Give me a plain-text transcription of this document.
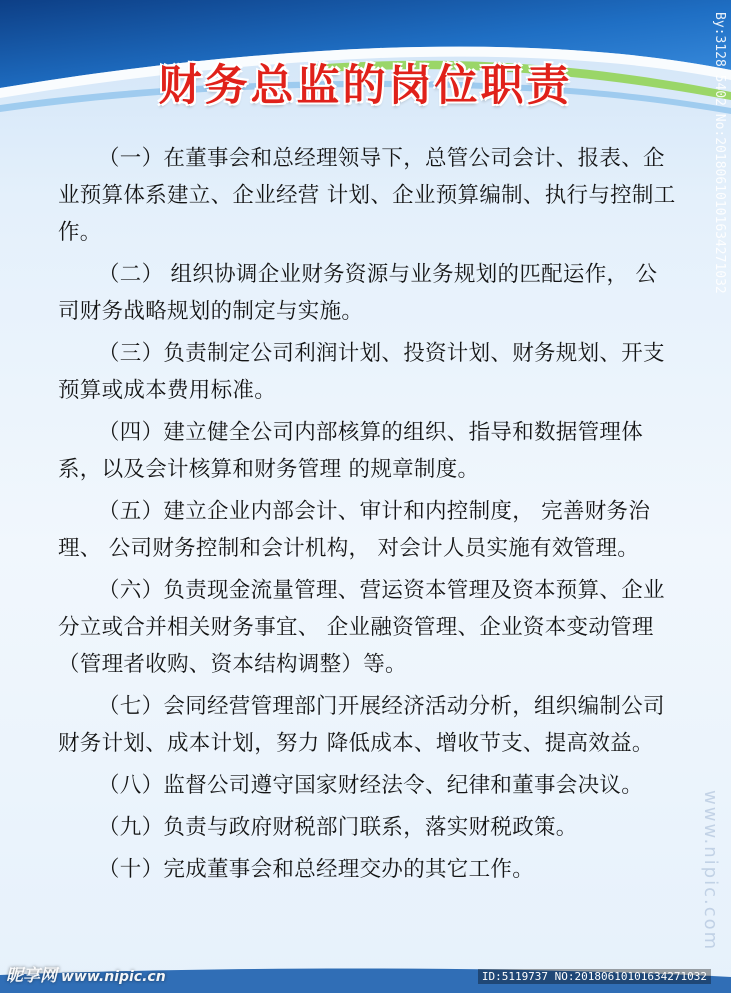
财务总监的岗位职责

（一）在董事会和总经理领导下，总管公司会计、报表、企业预算体系建立、企业经营 计划、企业预算编制、执行与控制工作。

（二） 组织协调企业财务资源与业务规划的匹配运作， 公司财务战略规划的制定与实施。

（三）负责制定公司利润计划、投资计划、财务规划、开支预算或成本费用标准。

（四）建立健全公司内部核算的组织、指导和数据管理体系，以及会计核算和财务管理 的规章制度。

（五）建立企业内部会计、审计和内控制度， 完善财务治理、 公司财务控制和会计机构， 对会计人员实施有效管理。

（六）负责现金流量管理、营运资本管理及资本预算、企业分立或合并相关财务事宜、 企业融资管理、企业资本变动管理（管理者收购、资本结构调整）等。

（七）会同经营管理部门开展经济活动分析，组织编制公司财务计划、成本计划，努力 降低成本、增收节支、提高效益。

（八）监督公司遵守国家财经法令、纪律和董事会决议。

（九）负责与政府财税部门联系，落实财税政策。

（十）完成董事会和总经理交办的其它工作。

By:3128 5402 No:20180610101634271032
www.nipic.com
昵享网 www.nipic.cn	ID:5119737 NO:20180610101634271032
